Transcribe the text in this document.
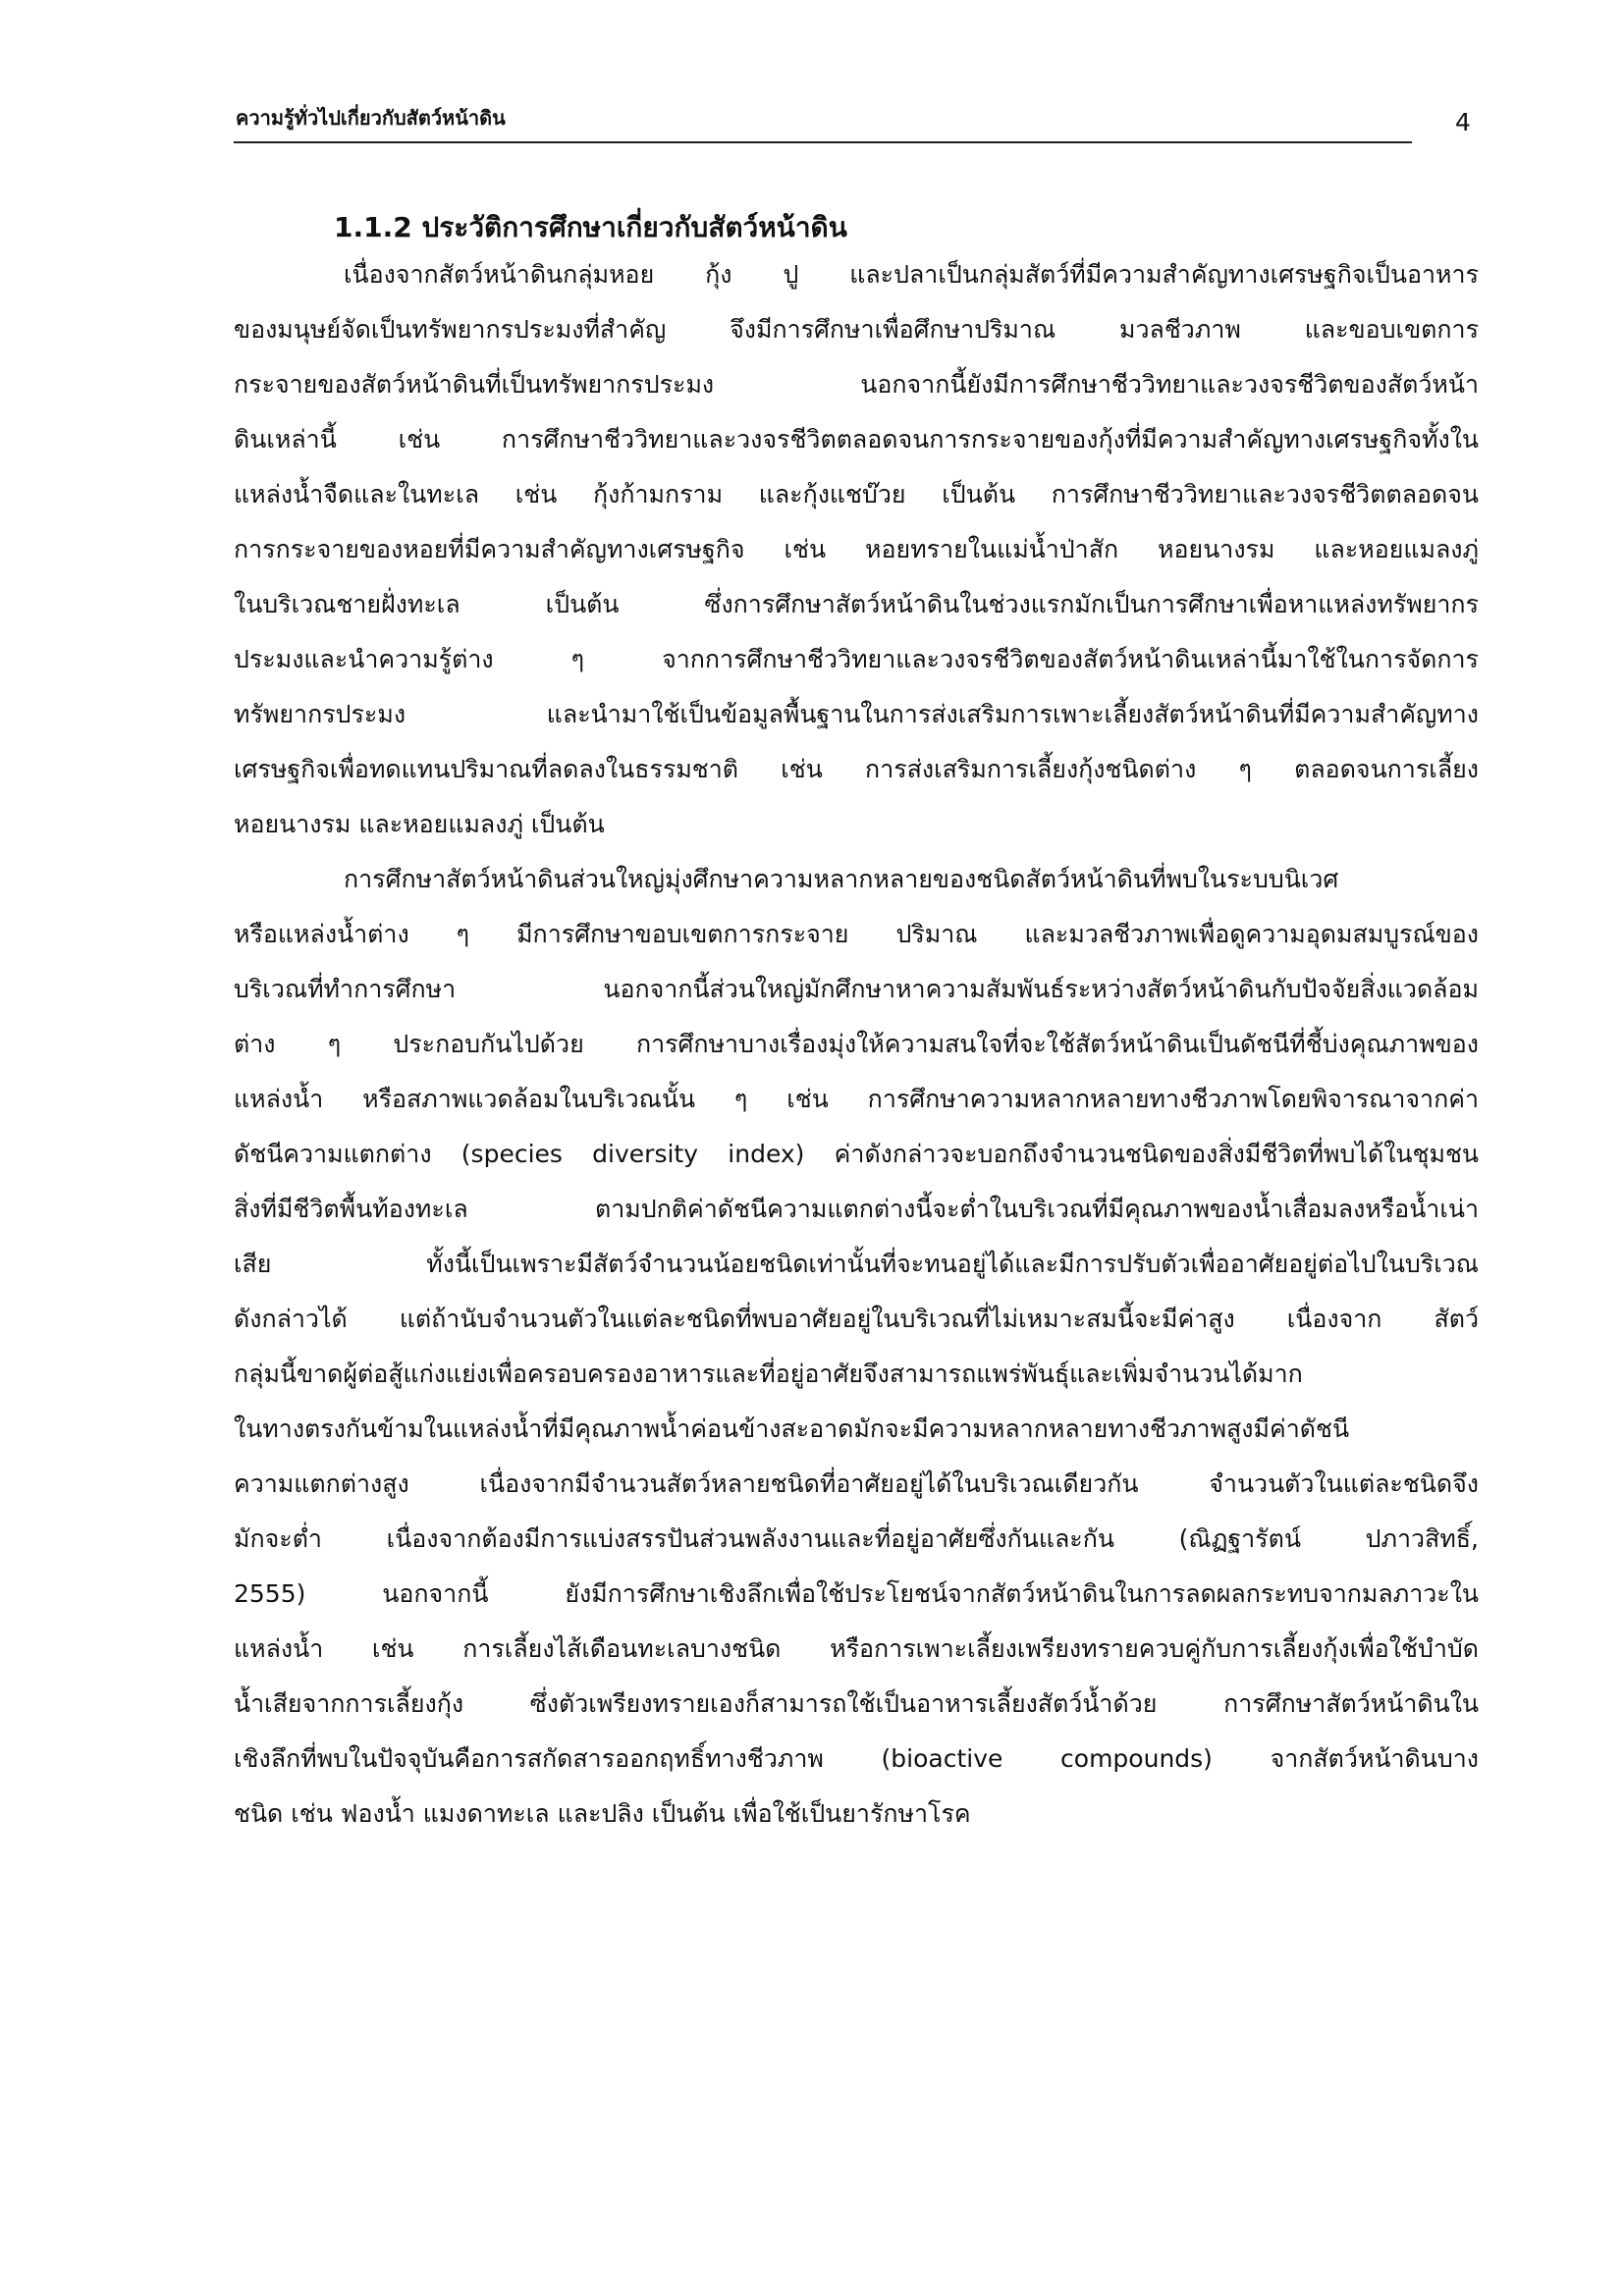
ความรู้ทั่วไปเกี่ยวกับสัตว์หน้าดิน	4
1.1.2 ประวัติการศึกษาเกี่ยวกับสัตว์หน้าดิน
เนื่องจากสัตว์หน้าดินกลุ่มหอย กุ้ง ปู และปลาเป็นกลุ่มสัตว์ที่มีความสำคัญทางเศรษฐกิจเป็นอาหาร
ของมนุษย์จัดเป็นทรัพยากรประมงที่สำคัญ จึงมีการศึกษาเพื่อศึกษาปริมาณ มวลชีวภาพ และขอบเขตการ
กระจายของสัตว์หน้าดินที่เป็นทรัพยากรประมง นอกจากนี้ยังมีการศึกษาชีววิทยาและวงจรชีวิตของสัตว์หน้า
ดินเหล่านี้ เช่น การศึกษาชีววิทยาและวงจรชีวิตตลอดจนการกระจายของกุ้งที่มีความสำคัญทางเศรษฐกิจทั้งใน
แหล่งน้ำจืดและในทะเล เช่น กุ้งก้ามกราม และกุ้งแชบ๊วย เป็นต้น การศึกษาชีววิทยาและวงจรชีวิตตลอดจน
การกระจายของหอยที่มีความสำคัญทางเศรษฐกิจ เช่น หอยทรายในแม่น้ำป่าสัก หอยนางรม และหอยแมลงภู่
ในบริเวณชายฝั่งทะเล เป็นต้น ซึ่งการศึกษาสัตว์หน้าดินในช่วงแรกมักเป็นการศึกษาเพื่อหาแหล่งทรัพยากร
ประมงและนำความรู้ต่าง ๆ จากการศึกษาชีววิทยาและวงจรชีวิตของสัตว์หน้าดินเหล่านี้มาใช้ในการจัดการ
ทรัพยากรประมง และนำมาใช้เป็นข้อมูลพื้นฐานในการส่งเสริมการเพาะเลี้ยงสัตว์หน้าดินที่มีความสำคัญทาง
เศรษฐกิจเพื่อทดแทนปริมาณที่ลดลงในธรรมชาติ เช่น การส่งเสริมการเลี้ยงกุ้งชนิดต่าง ๆ ตลอดจนการเลี้ยง
หอยนางรม และหอยแมลงภู่ เป็นต้น
การศึกษาสัตว์หน้าดินส่วนใหญ่มุ่งศึกษาความหลากหลายของชนิดสัตว์หน้าดินที่พบในระบบนิเวศ
หรือแหล่งน้ำต่าง ๆ มีการศึกษาขอบเขตการกระจาย ปริมาณ และมวลชีวภาพเพื่อดูความอุดมสมบูรณ์ของ
บริเวณที่ทำการศึกษา นอกจากนี้ส่วนใหญ่มักศึกษาหาความสัมพันธ์ระหว่างสัตว์หน้าดินกับปัจจัยสิ่งแวดล้อม
ต่าง ๆ ประกอบกันไปด้วย การศึกษาบางเรื่องมุ่งให้ความสนใจที่จะใช้สัตว์หน้าดินเป็นดัชนีที่ชี้บ่งคุณภาพของ
แหล่งน้ำ หรือสภาพแวดล้อมในบริเวณนั้น ๆ เช่น การศึกษาความหลากหลายทางชีวภาพโดยพิจารณาจากค่า
ดัชนีความแตกต่าง (species diversity index) ค่าดังกล่าวจะบอกถึงจำนวนชนิดของสิ่งมีชีวิตที่พบได้ในชุมชน
สิ่งที่มีชีวิตพื้นท้องทะเล ตามปกติค่าดัชนีความแตกต่างนี้จะต่ำในบริเวณที่มีคุณภาพของน้ำเสื่อมลงหรือน้ำเน่า
เสีย ทั้งนี้เป็นเพราะมีสัตว์จำนวนน้อยชนิดเท่านั้นที่จะทนอยู่ได้และมีการปรับตัวเพื่ออาศัยอยู่ต่อไปในบริเวณ
ดังกล่าวได้ แต่ถ้านับจำนวนตัวในแต่ละชนิดที่พบอาศัยอยู่ในบริเวณที่ไม่เหมาะสมนี้จะมีค่าสูง เนื่องจาก สัตว์
กลุ่มนี้ขาดผู้ต่อสู้แก่งแย่งเพื่อครอบครองอาหารและที่อยู่อาศัยจึงสามารถแพร่พันธุ์และเพิ่มจำนวนได้มาก
ในทางตรงกันข้ามในแหล่งน้ำที่มีคุณภาพน้ำค่อนข้างสะอาดมักจะมีความหลากหลายทางชีวภาพสูงมีค่าดัชนี
ความแตกต่างสูง เนื่องจากมีจำนวนสัตว์หลายชนิดที่อาศัยอยู่ได้ในบริเวณเดียวกัน จำนวนตัวในแต่ละชนิดจึง
มักจะต่ำ เนื่องจากต้องมีการแบ่งสรรปันส่วนพลังงานและที่อยู่อาศัยซึ่งกันและกัน (ณิฏฐารัตน์ ปภาวสิทธิ์,
2555) นอกจากนี้ ยังมีการศึกษาเชิงลึกเพื่อใช้ประโยชน์จากสัตว์หน้าดินในการลดผลกระทบจากมลภาวะใน
แหล่งน้ำ เช่น การเลี้ยงไส้เดือนทะเลบางชนิด หรือการเพาะเลี้ยงเพรียงทรายควบคู่กับการเลี้ยงกุ้งเพื่อใช้บำบัด
น้ำเสียจากการเลี้ยงกุ้ง ซึ่งตัวเพรียงทรายเองก็สามารถใช้เป็นอาหารเลี้ยงสัตว์น้ำด้วย การศึกษาสัตว์หน้าดินใน
เชิงลึกที่พบในปัจจุบันคือการสกัดสารออกฤทธิ์ทางชีวภาพ (bioactive compounds) จากสัตว์หน้าดินบาง
ชนิด เช่น ฟองน้ำ แมงดาทะเล และปลิง เป็นต้น เพื่อใช้เป็นยารักษาโรค
